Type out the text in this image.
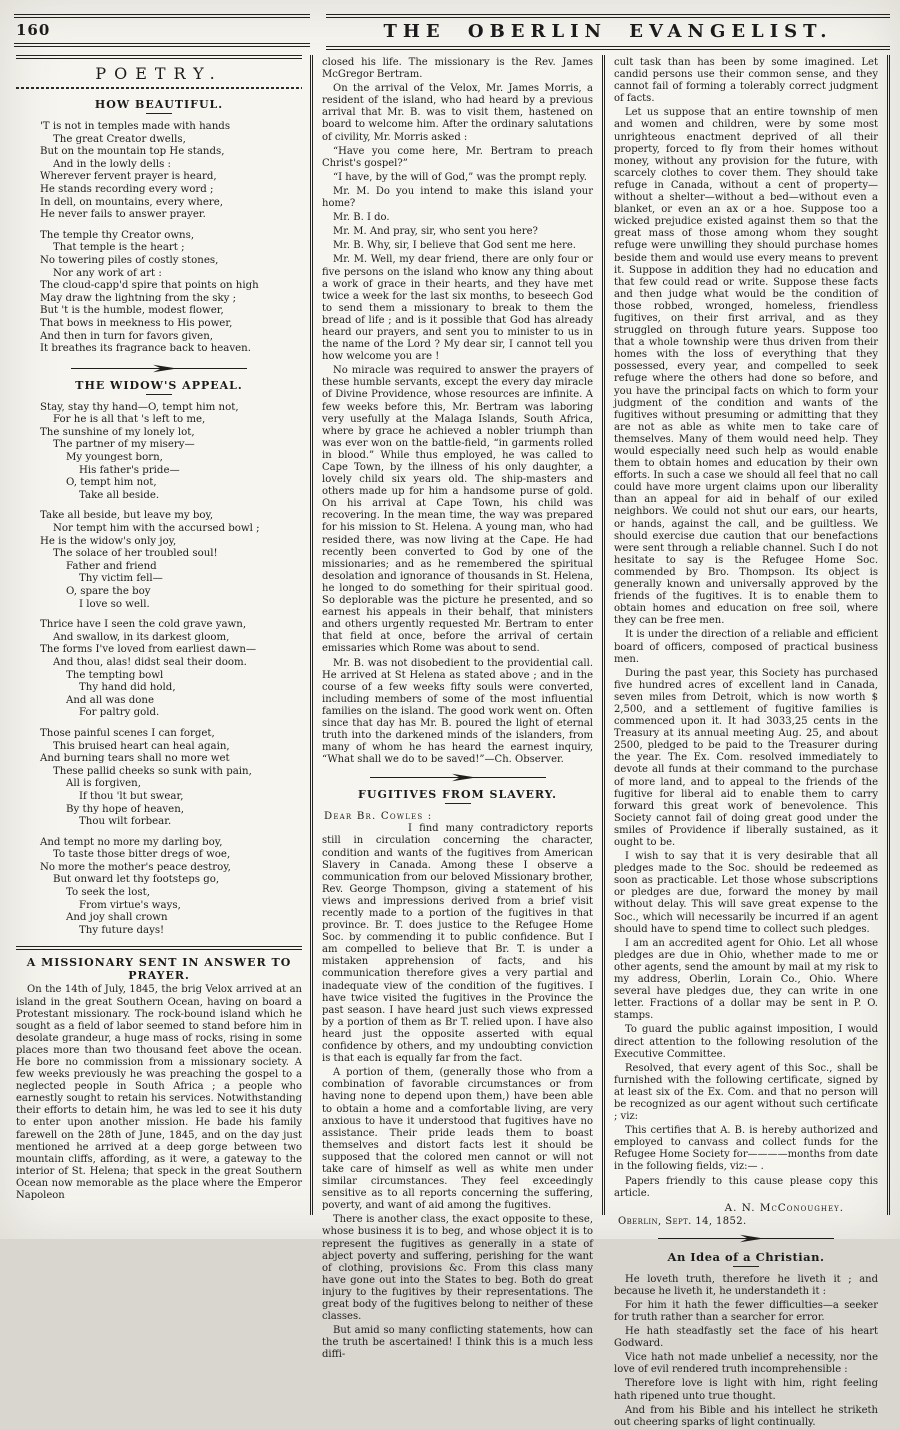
160	THE OBERLIN EVANGELIST.
POETRY.
HOW BEAUTIFUL.
'T is not in temples made with hands
The great Creator dwells,
But on the mountain top He stands,
And in the lowly dells :
Wherever fervent prayer is heard,
He stands recording every word ;
In dell, on mountains, every where,
He never fails to answer prayer.
The temple thy Creator owns,
That temple is the heart ;
No towering piles of costly stones,
Nor any work of art :
The cloud-capp'd spire that points on high
May draw the lightning from the sky ;
But 't is the humble, modest flower,
That bows in meekness to His power,
And then in turn for favors given,
It breathes its fragrance back to heaven.
THE WIDOW'S APPEAL.
Stay, stay thy hand—O, tempt him not,
For he is all that 's left to me,
The sunshine of my lonely lot,
The partner of my misery—
My youngest born,
His father's pride—
O, tempt him not,
Take all beside.
Take all beside, but leave my boy,
Nor tempt him with the accursed bowl ;
He is the widow's only joy,
The solace of her troubled soul!
Father and friend
Thy victim fell—
O, spare the boy
I love so well.
Thrice have I seen the cold grave yawn,
And swallow, in its darkest gloom,
The forms I've loved from earliest dawn—
And thou, alas! didst seal their doom.
The tempting bowl
Thy hand did hold,
And all was done
For paltry gold.
Those painful scenes I can forget,
This bruised heart can heal again,
And burning tears shall no more wet
These pallid cheeks so sunk with pain,
All is forgiven,
If thou 'lt but swear,
By thy hope of heaven,
Thou wilt forbear.
And tempt no more my darling boy,
To taste those bitter dregs of woe,
No more the mother's peace destroy,
But onward let thy footsteps go,
To seek the lost,
From virtue's ways,
And joy shall crown
Thy future days!
A MISSIONARY SENT IN ANSWER TO PRAYER.

On the 14th of July, 1845, the brig Velox arrived at an island in the great Southern Ocean, having on board a Protestant missionary. The rock-bound island which he sought as a field of labor seemed to stand before him in desolate grandeur, a huge mass of rocks, rising in some places more than two thousand feet above the ocean. He bore no commission from a missionary society. A few weeks previously he was preaching the gospel to a neglected people in South Africa ; a people who earnestly sought to retain his services. Notwithstanding their efforts to detain him, he was led to see it his duty to enter upon another mission. He bade his family farewell on the 28th of June, 1845, and on the day just mentioned he arrived at a deep gorge between two mountain cliffs, affording, as it were, a gateway to the interior of St. Helena; that speck in the great Southern Ocean now memorable as the place where the Emperor Napoleon

closed his life. The missionary is the Rev. James McGregor Bertram.

On the arrival of the Velox, Mr. James Morris, a resident of the island, who had heard by a previous arrival that Mr. B. was to visit them, hastened on board to welcome him. After the ordinary salutations of civility, Mr. Morris asked :

“Have you come here, Mr. Bertram to preach Christ's gospel?”

“I have, by the will of God,” was the prompt reply.

Mr. M. Do you intend to make this island your home?

Mr. B. I do.

Mr. M. And pray, sir, who sent you here?

Mr. B. Why, sir, I believe that God sent me here.

Mr. M. Well, my dear friend, there are only four or five persons on the island who know any thing about a work of grace in their hearts, and they have met twice a week for the last six months, to beseech God to send them a missionary to break to them the bread of life ; and is it possible that God has already heard our prayers, and sent you to minister to us in the name of the Lord ? My dear sir, I cannot tell you how welcome you are !

No miracle was required to answer the prayers of these humble servants, except the every day miracle of Divine Providence, whose resources are infinite. A few weeks before this, Mr. Bertram was laboring very usefully at the Malaga Islands, South Africa, where by grace he achieved a nobler triumph than was ever won on the battle-field, “in garments rolled in blood.” While thus employed, he was called to Cape Town, by the illness of his only daughter, a lovely child six years old. The ship-masters and others made up for him a handsome purse of gold. On his arrival at Cape Town, his child was recovering. In the mean time, the way was prepared for his mission to St. Helena. A young man, who had resided there, was now living at the Cape. He had recently been converted to God by one of the missionaries; and as he remembered the spiritual desolation and ignorance of thousands in St. Helena, he longed to do something for their spiritual good. So deplorable was the picture he presented, and so earnest his appeals in their behalf, that ministers and others urgently requested Mr. Bertram to enter that field at once, before the arrival of certain emissaries which Rome was about to send.

Mr. B. was not disobedient to the providential call. He arrived at St Helena as stated above ; and in the course of a few weeks fifty souls were converted, including members of some of the most influential families on the island. The good work went on. Often since that day has Mr. B. poured the light of eternal truth into the darkened minds of the islanders, from many of whom he has heard the earnest inquiry, “What shall we do to be saved!”—Ch. Observer.

FUGITIVES FROM SLAVERY.
Dear Br. Cowles :

I find many contradictory reports still in circulation concerning the character, condition and wants of the fugitives from American Slavery in Canada. Among these I observe a communication from our beloved Missionary brother, Rev. George Thompson, giving a statement of his views and impressions derived from a brief visit recently made to a portion of the fugitives in that province. Br. T. does justice to the Refugee Home Soc. by commending it to public confidence. But I am compelled to believe that Br. T. is under a mistaken apprehension of facts, and his communication therefore gives a very partial and inadequate view of the condition of the fugitives. I have twice visited the fugitives in the Province the past season. I have heard just such views expressed by a portion of them as Br T. relied upon. I have also heard just the opposite asserted with equal confidence by others, and my undoubting conviction is that each is equally far from the fact.

A portion of them, (generally those who from a combination of favorable circumstances or from having none to depend upon them,) have been able to obtain a home and a comfortable living, are very anxious to have it understood that fugitives have no assistance. Their pride leads them to boast themselves and distort facts lest it should be supposed that the colored men cannot or will not take care of himself as well as white men under similar circumstances. They feel exceedingly sensitive as to all reports concerning the suffering, poverty, and want of aid among the fugitives.

There is another class, the exact opposite to these, whose business it is to beg, and whose object it is to represent the fugitives as generally in a state of abject poverty and suffering, perishing for the want of clothing, provisions &c. From this class many have gone out into the States to beg. Both do great injury to the fugitives by their representations. The great body of the fugitives belong to neither of these classes.

But amid so many conflicting statements, how can the truth be ascertained! I think this is a much less diffi-

cult task than has been by some imagined. Let candid persons use their common sense, and they cannot fail of forming a tolerably correct judgment of facts.

Let us suppose that an entire township of men and women and children, were by some most unrighteous enactment deprived of all their property, forced to fly from their homes without money, without any provision for the future, with scarcely clothes to cover them. They should take refuge in Canada, without a cent of property—without a shelter—without a bed—without even a blanket, or even an ax or a hoe. Suppose too a wicked prejudice existed against them so that the great mass of those among whom they sought refuge were unwilling they should purchase homes beside them and would use every means to prevent it. Suppose in addition they had no education and that few could read or write. Suppose these facts and then judge what would be the condition of those robbed, wronged, homeless, friendless fugitives, on their first arrival, and as they struggled on through future years. Suppose too that a whole township were thus driven from their homes with the loss of everything that they possessed, every year, and compelled to seek refuge where the others had done so before, and you have the principal facts on which to form your judgment of the condition and wants of the fugitives without presuming or admitting that they are not as able as white men to take care of themselves. Many of them would need help. They would especially need such help as would enable them to obtain homes and education by their own efforts. In such a case we should all feel that no call could have more urgent claims upon our liberality than an appeal for aid in behalf of our exiled neighbors. We could not shut our ears, our hearts, or hands, against the call, and be guiltless. We should exercise due caution that our benefactions were sent through a reliable channel. Such I do not hesitate to say is the Refugee Home Soc. commended by Bro. Thompson. Its object is generally known and universally approved by the friends of the fugitives. It is to enable them to obtain homes and education on free soil, where they can be free men.

It is under the direction of a reliable and efficient board of officers, composed of practical business men.

During the past year, this Society has purchased five hundred acres of excellent land in Canada, seven miles from Detroit, which is now worth $ 2,500, and a settlement of fugitive families is commenced upon it. It had 3033,25 cents in the Treasury at its annual meeting Aug. 25, and about 2500, pledged to be paid to the Treasurer during the year. The Ex. Com. resolved immediately to devote all funds at their command to the purchase of more land, and to appeal to the friends of the fugitive for liberal aid to enable them to carry forward this great work of benevolence. This Society cannot fail of doing great good under the smiles of Providence if liberally sustained, as it ought to be.

I wish to say that it is very desirable that all pledges made to the Soc. should be redeemed as soon as practicable. Let those whose subscriptions or pledges are due, forward the money by mail without delay. This will save great expense to the Soc., which will necessarily be incurred if an agent should have to spend time to collect such pledges.

I am an accredited agent for Ohio. Let all whose pledges are due in Ohio, whether made to me or other agents, send the amount by mail at my risk to my address, Oberlin, Lorain Co., Ohio. Where several have pledges due, they can write in one letter. Fractions of a dollar may be sent in P. O. stamps.

To guard the public against imposition, I would direct attention to the following resolution of the Executive Committee.

Resolved, that every agent of this Soc., shall be furnished with the following certificate, signed by at least six of the Ex. Com. and that no person will be recognized as our agent without such certificate ; viz:

This certifies that A. B. is hereby authorized and employed to canvass and collect funds for the Refugee Home Society for————months from date in the following fields, viz:— .

Papers friendly to this cause please copy this article.

A. N. McConoughey.
Oberlin, Sept. 14, 1852.
An Idea of a Christian.

He loveth truth, therefore he liveth it ; and because he liveth it, he understandeth it :

For him it hath the fewer difficulties—a seeker for truth rather than a searcher for error.

He hath steadfastly set the face of his heart Godward.

Vice hath not made unbelief a necessity, nor the love of evil rendered truth incomprehensible :

Therefore love is light with him, right feeling hath ripened unto true thought.

And from his Bible and his intellect he striketh out cheering sparks of light continually.
